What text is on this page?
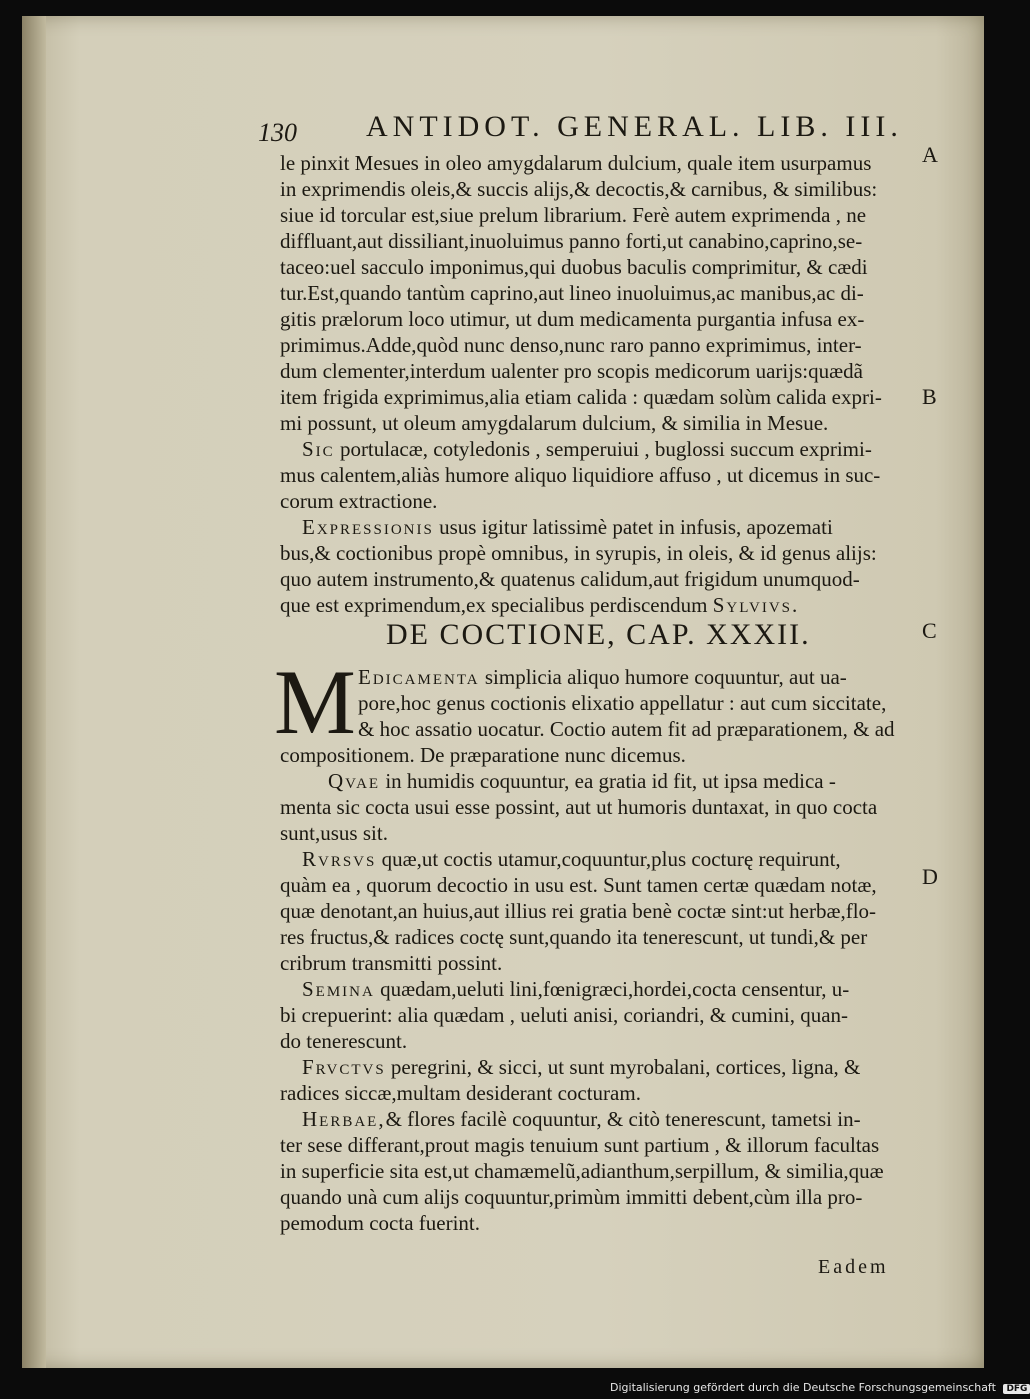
130 ANTIDOT. GENERAL. LIB. III.
A
B
C
D
le pinxit Mesues in oleo amygdalarum dulcium, quale item usurpamus
in exprimendis oleis,& succis alijs,& decoctis,& carnibus, & similibus:
siue id torcular est,siue prelum librarium. Ferè autem exprimenda , ne
diffluant,aut dissiliant,inuoluimus panno forti,ut canabino,caprino,se-
taceo:uel sacculo imponimus,qui duobus baculis comprimitur, & cædi
tur.Est,quando tantùm caprino,aut lineo inuoluimus,ac manibus,ac di-
gitis prælorum loco utimur, ut dum medicamenta purgantia infusa ex-
primimus.Adde,quòd nunc denso,nunc raro panno exprimimus, inter-
dum clementer,interdum ualenter pro scopis medicorum uarijs:quædã
item frigida exprimimus,alia etiam calida : quædam solùm calida expri-
mi possunt, ut oleum amygdalarum dulcium, & similia in Mesue.
Sic portulacæ, cotyledonis , semperuiui , buglossi succum exprimi-
mus calentem,aliàs humore aliquo liquidiore affuso , ut dicemus in suc-
corum extractione.
Expressionis usus igitur latissimè patet in infusis, apozemati
bus,& coctionibus propè omnibus, in syrupis, in oleis, & id genus alijs:
quo autem instrumento,& quatenus calidum,aut frigidum unumquod-
que est exprimendum,ex specialibus perdiscendum Sylvivs.
DE COCTIONE, CAP. XXXII.
M Edicamenta simplicia aliquo humore coquuntur, aut ua-
pore,hoc genus coctionis elixatio appellatur : aut cum siccitate,
& hoc assatio uocatur. Coctio autem fit ad præparationem, & ad
compositionem. De præparatione nunc dicemus.
Qvae in humidis coquuntur, ea gratia id fit, ut ipsa medica -
menta sic cocta usui esse possint, aut ut humoris duntaxat, in quo cocta
sunt,usus sit.
Rvrsvs quæ,ut coctis utamur,coquuntur,plus cocturę requirunt,
quàm ea , quorum decoctio in usu est. Sunt tamen certæ quædam notæ,
quæ denotant,an huius,aut illius rei gratia benè coctæ sint:ut herbæ,flo-
res fructus,& radices coctę sunt,quando ita tenerescunt, ut tundi,& per
cribrum transmitti possint.
Semina quædam,ueluti lini,fœnigræci,hordei,cocta censentur, u-
bi crepuerint: alia quædam , ueluti anisi, coriandri, & cumini, quan-
do tenerescunt.
Frvctvs peregrini, & sicci, ut sunt myrobalani, cortices, ligna, &
radices siccæ,multam desiderant cocturam.
Herbae,& flores facilè coquuntur, & citò tenerescunt, tametsi in-
ter sese differant,prout magis tenuium sunt partium , & illorum facultas
in superficie sita est,ut chamæmelũ,adianthum,serpillum, & similia,quæ
quando unà cum alijs coquuntur,primùm immitti debent,cùm illa pro-
pemodum cocta fuerint.
Eadem
Digitalisierung gefördert durch die Deutsche Forschungsgemeinschaft DFG
